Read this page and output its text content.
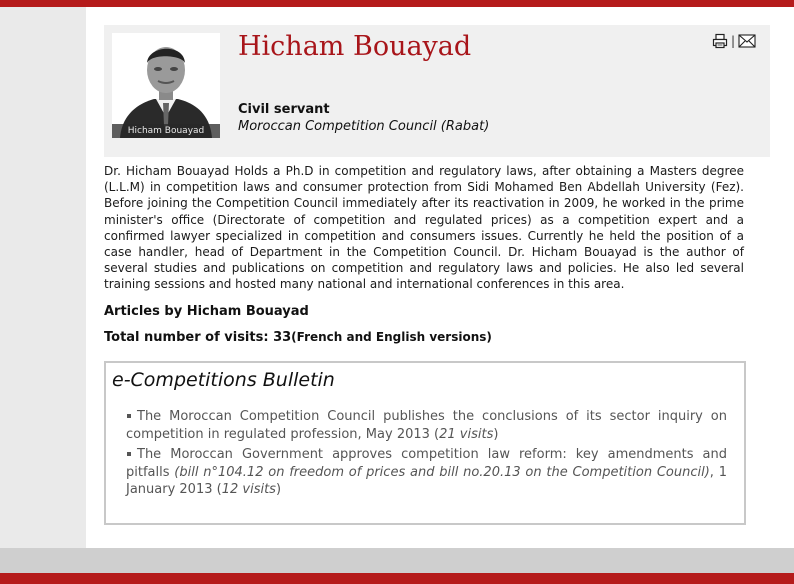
Hicham Bouayad
Hicham Bouayad
Civil servant
Moroccan Competition Council (Rabat)
|
Dr. Hicham Bouayad Holds a Ph.D in competition and regulatory laws, after obtaining a Masters degree (L.L.M) in competition laws and consumer protection from Sidi Mohamed Ben Abdellah University (Fez). Before joining the Competition Council immediately after its reactivation in 2009, he worked in the prime minister's office (Directorate of competition and regulated prices) as a competition expert and a confirmed lawyer specialized in competition and consumers issues. Currently he held the position of a case handler, head of Department in the Competition Council. Dr. Hicham Bouayad is the author of several studies and publications on competition and regulatory laws and policies. He also led several training sessions and hosted many national and international conferences in this area.
Articles by Hicham Bouayad
Total number of visits: 33(French and English versions)
e-Competitions Bulletin
The Moroccan Competition Council publishes the conclusions of its sector inquiry on competition in regulated profession, May 2013 (21 visits)
The Moroccan Government approves competition law reform: key amendments and pitfalls (bill n°104.12 on freedom of prices and bill no.20.13 on the Competition Council), 1 January 2013 (12 visits)
